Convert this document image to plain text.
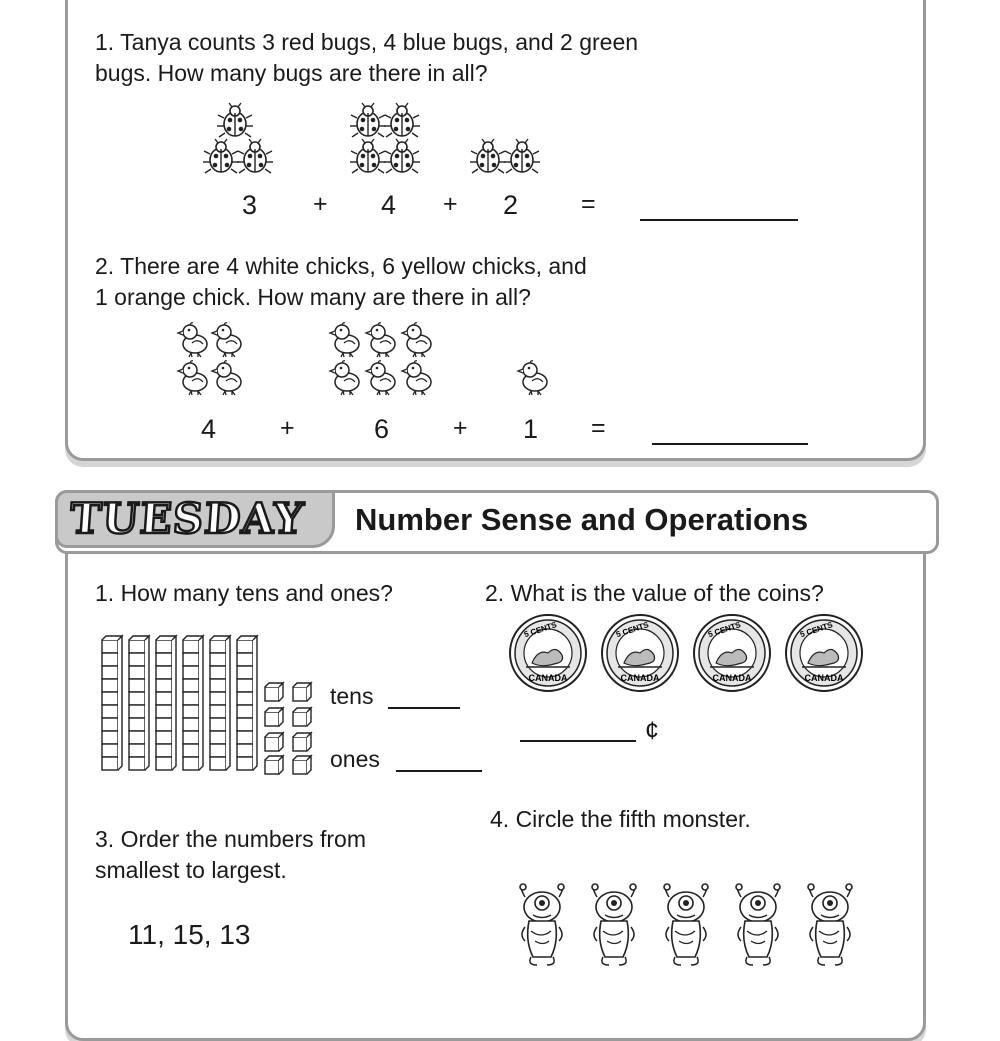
1. Tanya counts 3 red bugs, 4 blue bugs, and 2 green
bugs. How many bugs are there in all?
3 + 4 + 2	=
2. There are 4 white chicks, 6 yellow chicks, and
1 orange chick. How many are there in all?
4	+	6	+ 1 =
TUESDAY Number Sense and Operations
1. How many tens and ones?
tens
ones
2. What is the value of the coins?
5 CENTS
CANADA
5 CENTS
CANADA
5 CENTS
CANADA
5 CENTS
CANADA
¢
3. Order the numbers from
smallest to largest.
11, 15, 13
4. Circle the fifth monster.
